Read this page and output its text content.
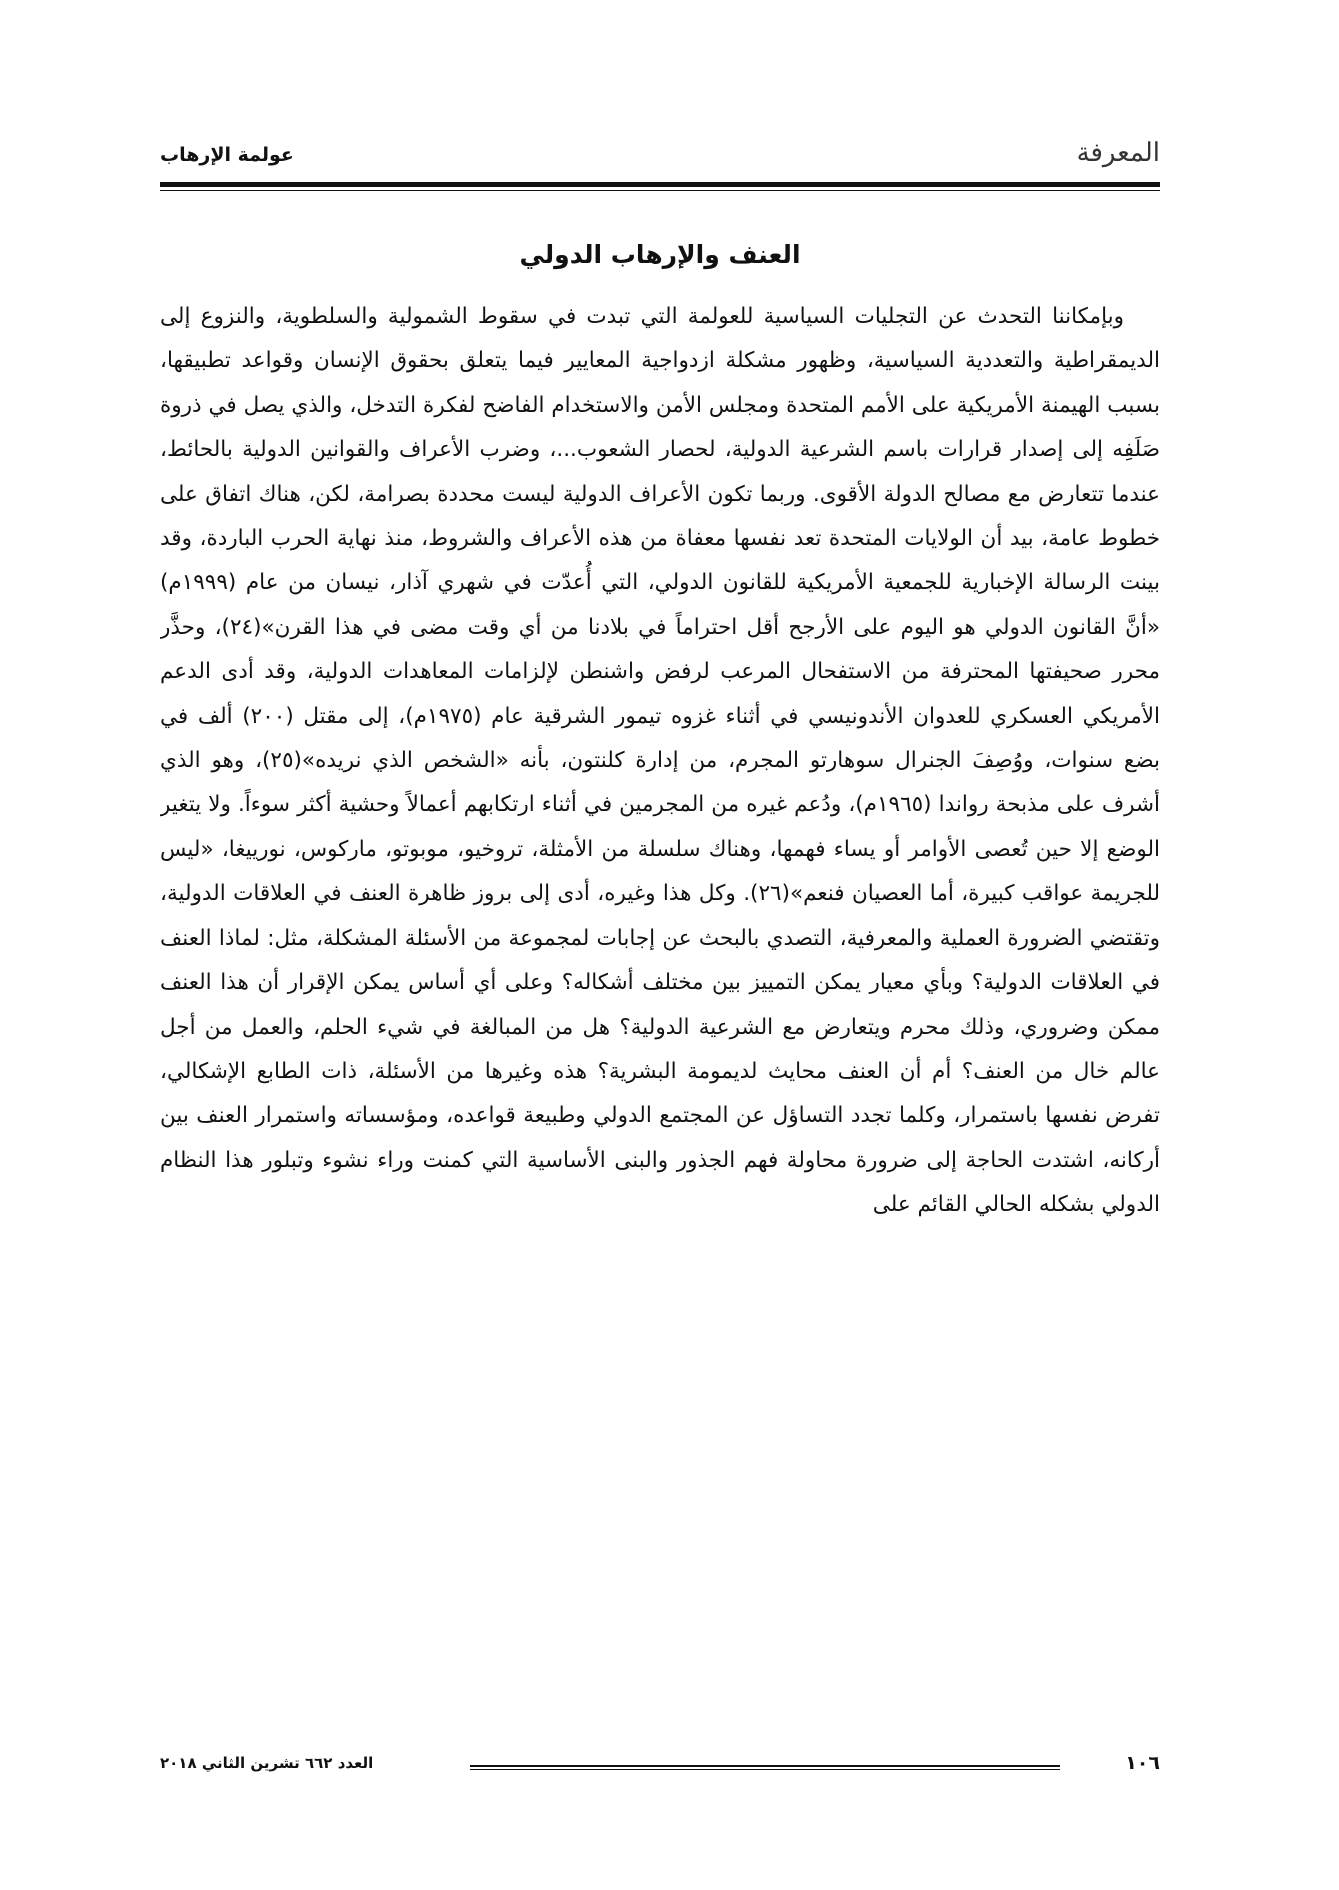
المعرفة
عولمة الإرهاب
العنف والإرهاب الدولي

وبإمكاننا التحدث عن التجليات السياسية للعولمة التي تبدت في سقوط الشمولية والسلطوية، والنزوع إلى الديمقراطية والتعددية السياسية، وظهور مشكلة ازدواجية المعايير فيما يتعلق بحقوق الإنسان وقواعد تطبيقها، بسبب الهيمنة الأمريكية على الأمم المتحدة ومجلس الأمن والاستخدام الفاضح لفكرة التدخل، والذي يصل في ذروة صَلَفِه إلى إصدار قرارات باسم الشرعية الدولية، لحصار الشعوب...، وضرب الأعراف والقوانين الدولية بالحائط، عندما تتعارض مع مصالح الدولة الأقوى. وربما تكون الأعراف الدولية ليست محددة بصرامة، لكن، هناك اتفاق على خطوط عامة، بيد أن الولايات المتحدة تعد نفسها معفاة من هذه الأعراف والشروط، منذ نهاية الحرب الباردة، وقد بينت الرسالة الإخبارية للجمعية الأمريكية للقانون الدولي، التي أُعدّت في شهري آذار، نيسان من عام (١٩٩٩م) «أنَّ القانون الدولي هو اليوم على الأرجح أقل احتراماً في بلادنا من أي وقت مضى في هذا القرن»(٢٤)، وحذَّر محرر صحيفتها المحترفة من الاستفحال المرعب لرفض واشنطن لإلزامات المعاهدات الدولية، وقد أدى الدعم الأمريكي العسكري للعدوان الأندونيسي في أثناء غزوه تيمور الشرقية عام (١٩٧٥م)، إلى مقتل (٢٠٠) ألف في بضع سنوات، ووُصِفَ الجنرال سوهارتو المجرم، من إدارة كلنتون، بأنه «الشخص الذي نريده»(٢٥)، وهو الذي أشرف على مذبحة رواندا (١٩٦٥م)، ودُعم غيره من المجرمين في أثناء ارتكابهم أعمالاً وحشية أكثر سوءاً. ولا يتغير الوضع إلا حين تُعصى الأوامر أو يساء فهمها، وهناك سلسلة من الأمثلة، تروخيو، موبوتو، ماركوس، نورييغا، «ليس للجريمة عواقب كبيرة، أما العصيان فنعم»(٢٦). وكل هذا وغيره، أدى إلى بروز ظاهرة العنف في العلاقات الدولية، وتقتضي الضرورة العملية والمعرفية، التصدي بالبحث عن إجابات لمجموعة من الأسئلة المشكلة، مثل: لماذا العنف في العلاقات الدولية؟ وبأي معيار يمكن التمييز بين مختلف أشكاله؟ وعلى أي أساس يمكن الإقرار أن هذا العنف ممكن وضروري، وذلك محرم ويتعارض مع الشرعية الدولية؟ هل من المبالغة في شيء الحلم، والعمل من أجل عالم خال من العنف؟ أم أن العنف محايث لديمومة البشرية؟ هذه وغيرها من الأسئلة، ذات الطابع الإشكالي، تفرض نفسها باستمرار، وكلما تجدد التساؤل عن المجتمع الدولي وطبيعة قواعده، ومؤسساته واستمرار العنف بين أركانه، اشتدت الحاجة إلى ضرورة محاولة فهم الجذور والبنى الأساسية التي كمنت وراء نشوء وتبلور هذا النظام الدولي بشكله الحالي القائم على

١٠٦
العدد ٦٦٢ تشرين الثاني ٢٠١٨
